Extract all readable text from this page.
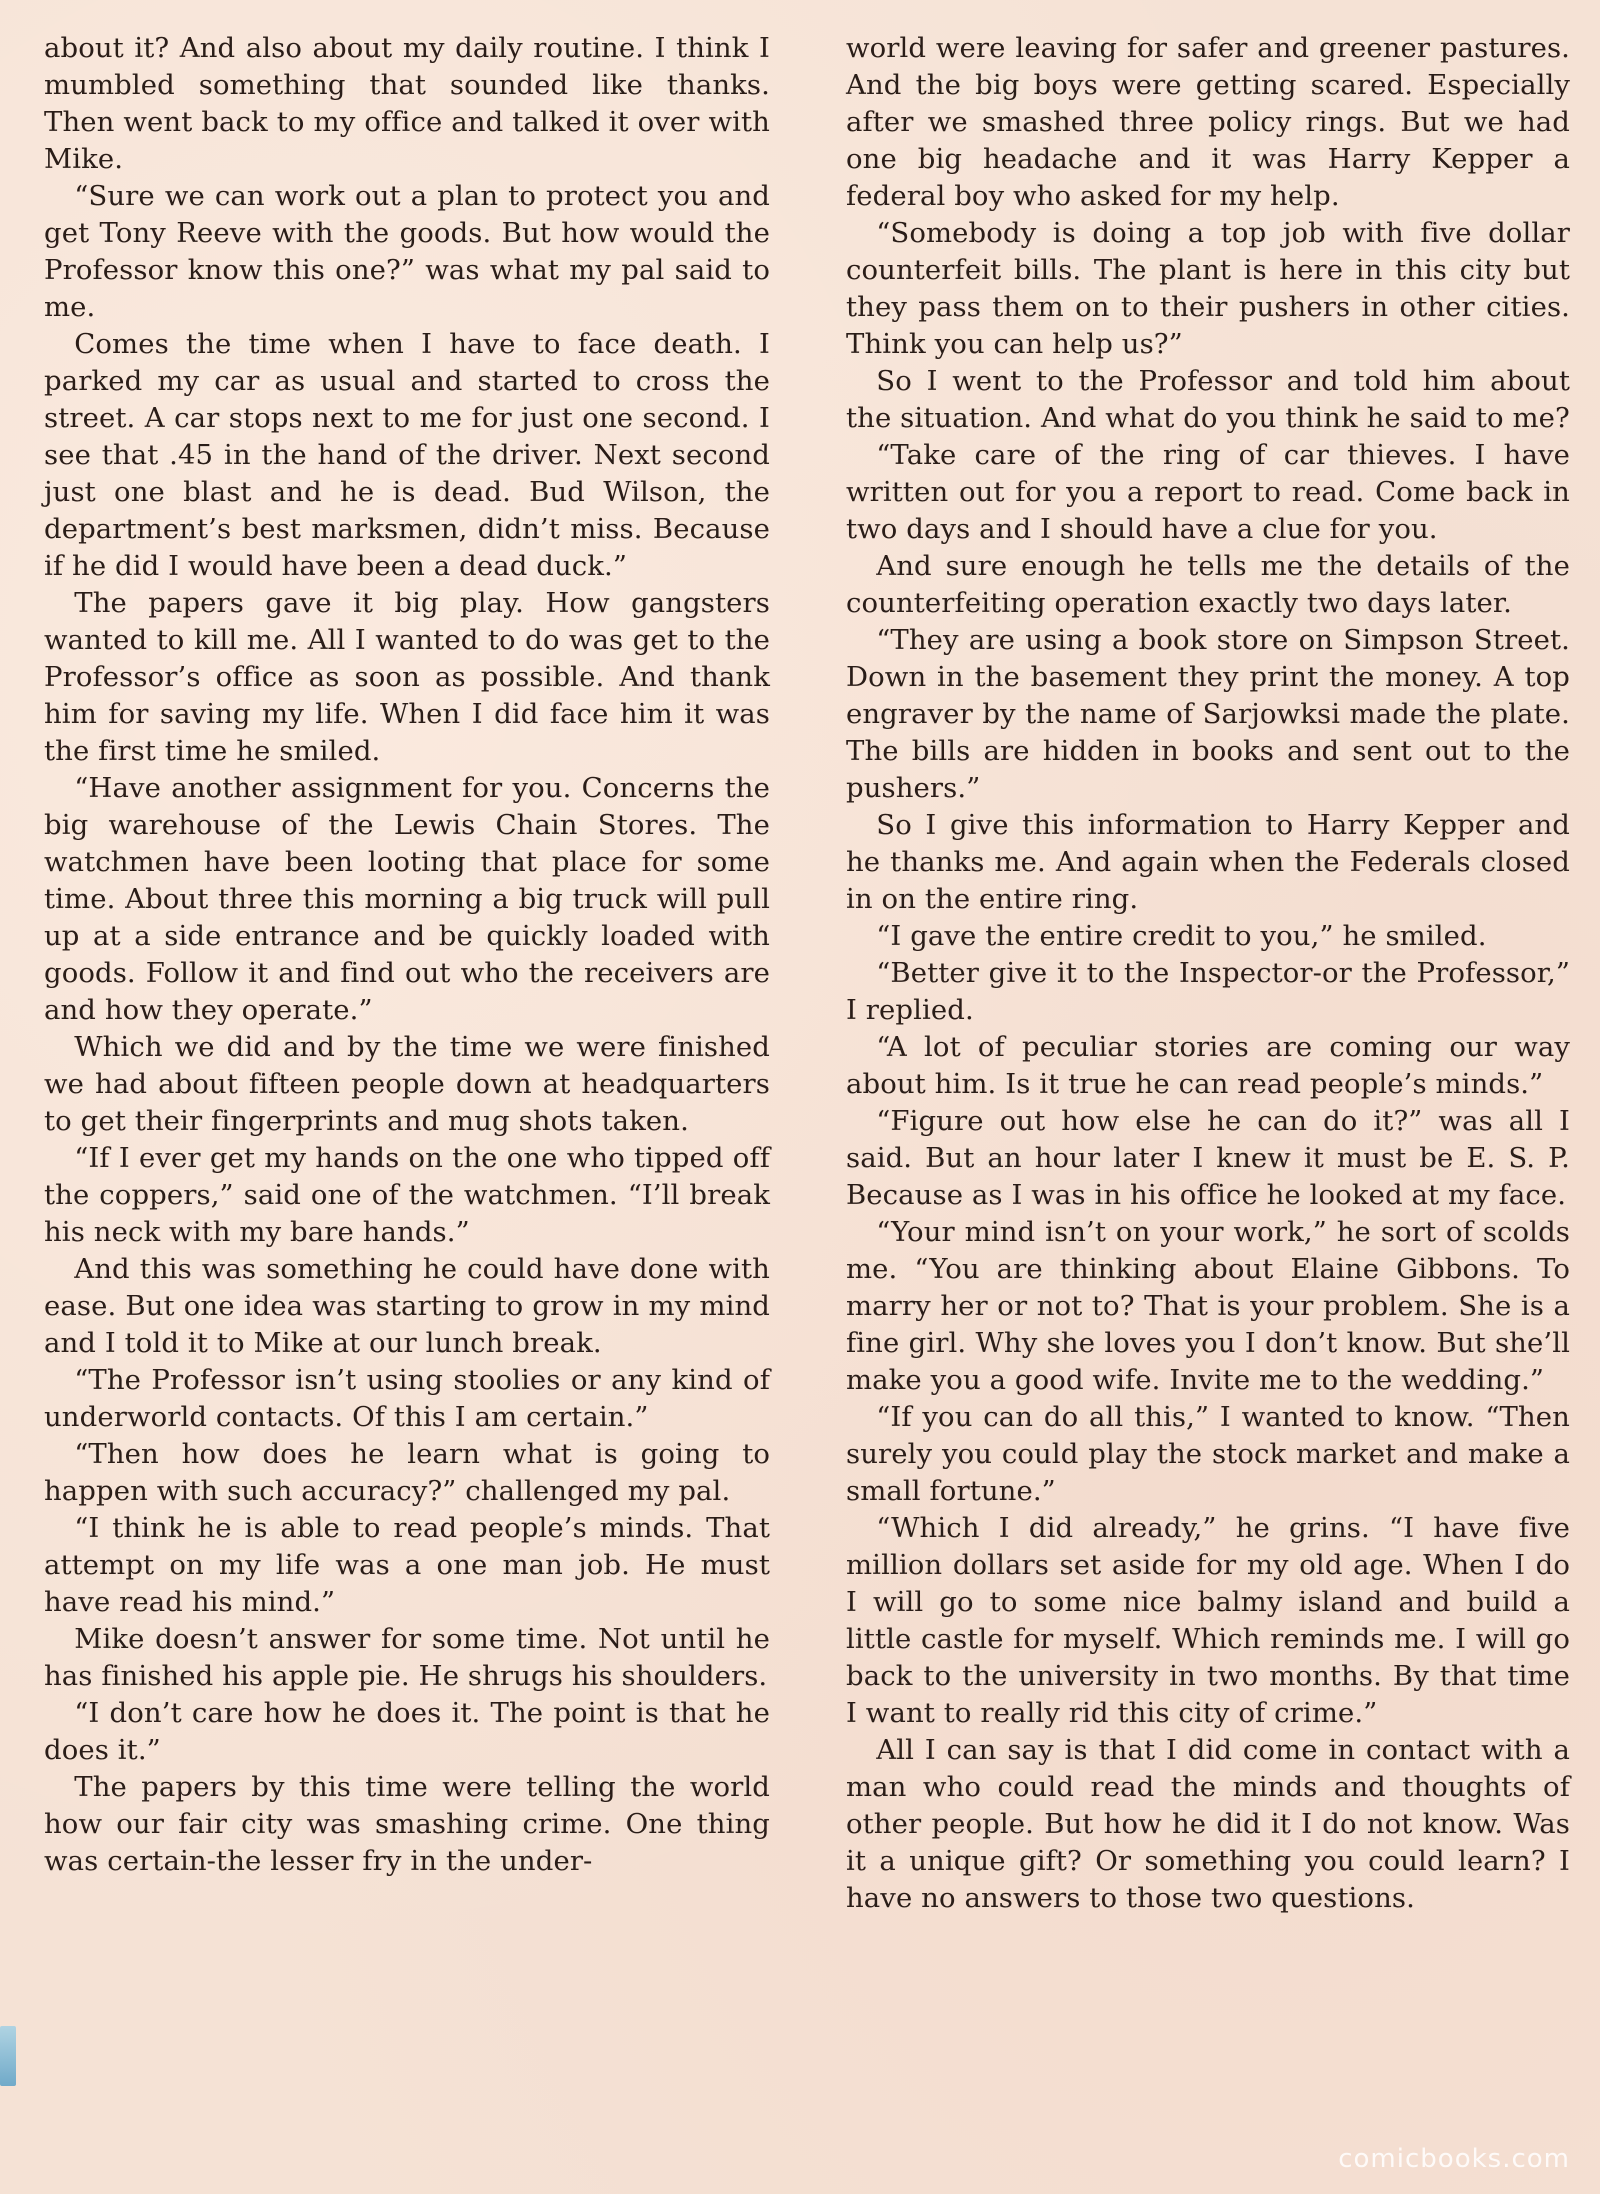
about it? And also about my daily routine. I think I mumbled something that sounded like thanks. Then went back to my office and talked it over with Mike.

“Sure we can work out a plan to protect you and get Tony Reeve with the goods. But how would the Professor know this one?” was what my pal said to me.

Comes the time when I have to face death. I parked my car as usual and started to cross the street. A car stops next to me for just one second. I see that .45 in the hand of the driver. Next second just one blast and he is dead. Bud Wilson, the department’s best marksmen, didn’t miss. Because if he did I would have been a dead duck.”

The papers gave it big play. How gangsters wanted to kill me. All I wanted to do was get to the Professor’s office as soon as possible. And thank him for saving my life. When I did face him it was the first time he smiled.

“Have another assignment for you. Concerns the big warehouse of the Lewis Chain Stores. The watchmen have been looting that place for some time. About three this morning a big truck will pull up at a side entrance and be quickly loaded with goods. Follow it and find out who the receivers are and how they operate.”

Which we did and by the time we were finished we had about fifteen people down at headquarters to get their fingerprints and mug shots taken.

“If I ever get my hands on the one who tipped off the coppers,” said one of the watchmen. “I’ll break his neck with my bare hands.”

And this was something he could have done with ease. But one idea was starting to grow in my mind and I told it to Mike at our lunch break.

“The Professor isn’t using stoolies or any kind of underworld contacts. Of this I am certain.”

“Then how does he learn what is going to happen with such accuracy?” challenged my pal.

“I think he is able to read people’s minds. That attempt on my life was a one man job. He must have read his mind.”

Mike doesn’t answer for some time. Not until he has finished his apple pie. He shrugs his shoulders.

“I don’t care how he does it. The point is that he does it.”

The papers by this time were telling the world how our fair city was smashing crime. One thing was certain-the lesser fry in the under-

world were leaving for safer and greener pastures. And the big boys were getting scared. Especially after we smashed three policy rings. But we had one big headache and it was Harry Kepper a federal boy who asked for my help.

“Somebody is doing a top job with five dollar counterfeit bills. The plant is here in this city but they pass them on to their pushers in other cities. Think you can help us?”

So I went to the Professor and told him about the situation. And what do you think he said to me?

“Take care of the ring of car thieves. I have written out for you a report to read. Come back in two days and I should have a clue for you.

And sure enough he tells me the details of the counterfeiting operation exactly two days later.

“They are using a book store on Simpson Street. Down in the basement they print the money. A top engraver by the name of Sarjowksi made the plate. The bills are hidden in books and sent out to the pushers.”

So I give this information to Harry Kepper and he thanks me. And again when the Federals closed in on the entire ring.

“I gave the entire credit to you,” he smiled.

“Better give it to the Inspector-or the Professor,” I replied.

“A lot of peculiar stories are coming our way about him. Is it true he can read people’s minds.”

“Figure out how else he can do it?” was all I said. But an hour later I knew it must be E. S. P. Because as I was in his office he looked at my face.

“Your mind isn’t on your work,” he sort of scolds me. “You are thinking about Elaine Gibbons. To marry her or not to? That is your problem. She is a fine girl. Why she loves you I don’t know. But she’ll make you a good wife. Invite me to the wedding.”

“If you can do all this,” I wanted to know. “Then surely you could play the stock market and make a small fortune.”

“Which I did already,” he grins. “I have five million dollars set aside for my old age. When I do I will go to some nice balmy island and build a little castle for myself. Which reminds me. I will go back to the university in two months. By that time I want to really rid this city of crime.”

All I can say is that I did come in contact with a man who could read the minds and thoughts of other people. But how he did it I do not know. Was it a unique gift? Or something you could learn? I have no answers to those two questions.

comicbooks.com
